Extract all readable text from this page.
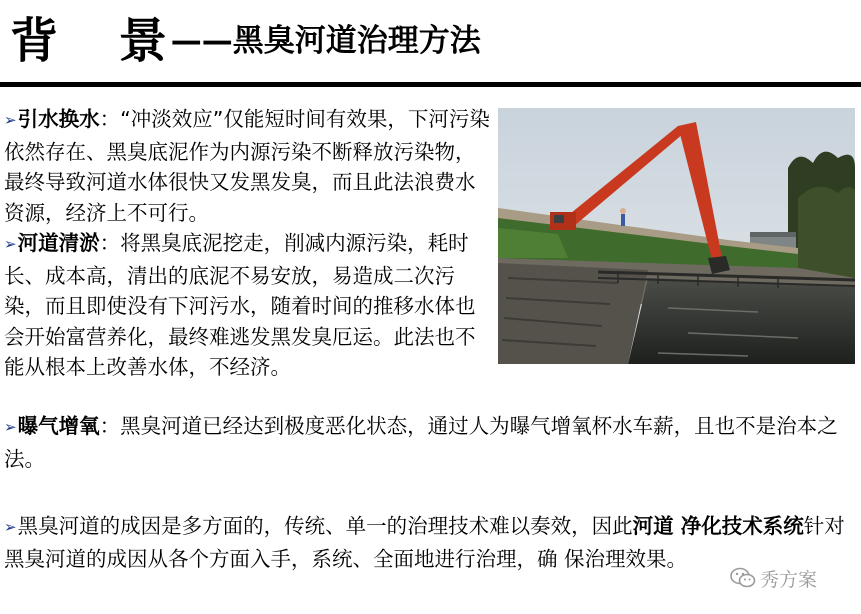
背 景
——黑臭河道治理方法

➢引水换水：“冲淡效应”仅能短时间有效果，下河污染依然存在、黑臭底泥作为内源污染不断释放污染物，最终导致河道水体很快又发黑发臭，而且此法浪费水资源，经济上不可行。

➢河道清淤：将黑臭底泥挖走，削减内源污染，耗时长、成本高，清出的底泥不易安放，易造成二次污染，而且即使没有下河污水，随着时间的推移水体也会开始富营养化，最终难逃发黑发臭厄运。此法也不能从根本上改善水体，不经济。

➢曝气增氧：黑臭河道已经达到极度恶化状态，通过人为曝气增氧杯水车薪，且也不是治本之法。
➢黑臭河道的成因是多方面的，传统、单一的治理技术难以奏效，因此河道 净化技术系统针对黑臭河道的成因从各个方面入手，系统、全面地进行治理，确 保治理效果。
秀方案
